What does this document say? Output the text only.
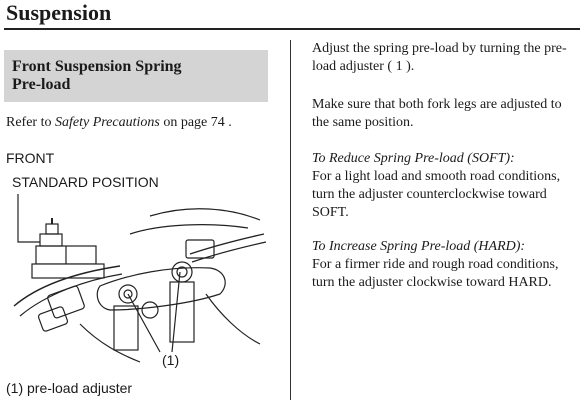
Suspension
Front Suspension Spring
Pre-load
Refer to Safety Precautions on page 74 .
FRONT
STANDARD POSITION
(1)
(1) pre-load adjuster

Adjust the spring pre-load by turning the pre-load adjuster ( 1 ).

Make sure that both fork legs are adjusted to the same position.

To Reduce Spring Pre-load (SOFT):
For a light load and smooth road conditions, turn the adjuster counterclockwise toward SOFT.

To Increase Spring Pre-load (HARD):
For a firmer ride and rough road conditions, turn the adjuster clockwise toward HARD.
